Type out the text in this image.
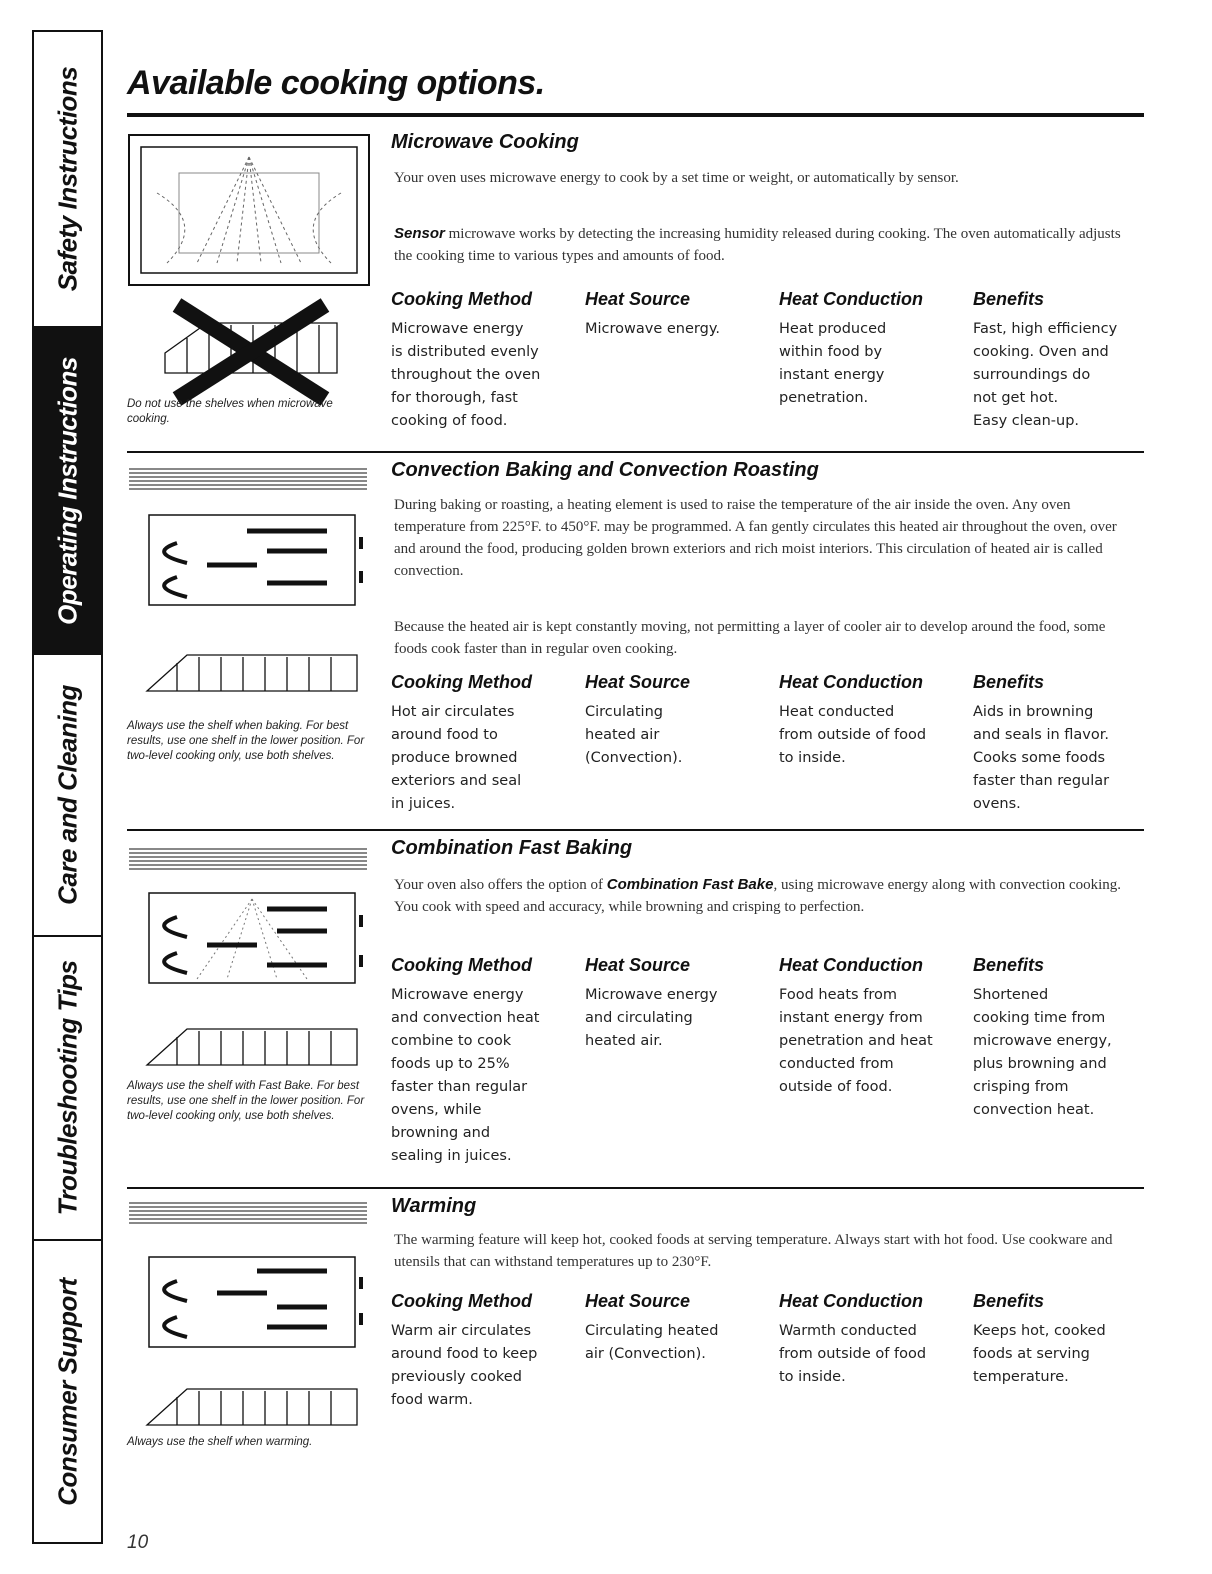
Safety Instructions
Operating Instructions
Care and Cleaning
Troubleshooting Tips
Consumer Support
Available cooking options.
Do not use the shelves when microwave cooking.
Microwave Cooking

Your oven uses microwave energy to cook by a set time or weight, or automatically by sensor.

Sensor microwave works by detecting the increasing humidity released during cooking. The oven automatically adjusts the cooking time to various types and amounts of food.

Cooking Method

Microwave energy
is distributed evenly
throughout the oven
for thorough, fast
cooking of food.

Heat Source

Microwave energy.

Heat Conduction

Heat produced
within food by
instant energy
penetration.

Benefits

Fast, high efficiency
cooking. Oven and
surroundings do
not get hot.
Easy clean-up.

Always use the shelf when baking. For best results, use one shelf in the lower position. For two-level cooking only, use both shelves.
Convection Baking and Convection Roasting

During baking or roasting, a heating element is used to raise the temperature of the air inside the oven. Any oven temperature from 225°F. to 450°F. may be programmed. A fan gently circulates this heated air throughout the oven, over and around the food, producing golden brown exteriors and rich moist interiors. This circulation of heated air is called convection.

Because the heated air is kept constantly moving, not permitting a layer of cooler air to develop around the food, some foods cook faster than in regular oven cooking.

Cooking Method

Hot air circulates
around food to
produce browned
exteriors and seal
in juices.

Heat Source

Circulating
heated air
(Convection).

Heat Conduction

Heat conducted
from outside of food
to inside.

Benefits

Aids in browning
and seals in flavor.
Cooks some foods
faster than regular
ovens.

Always use the shelf with Fast Bake. For best results, use one shelf in the lower position. For two-level cooking only, use both shelves.
Combination Fast Baking

Your oven also offers the option of Combination Fast Bake, using microwave energy along with convection cooking. You cook with speed and accuracy, while browning and crisping to perfection.

Cooking Method

Microwave energy
and convection heat
combine to cook
foods up to 25%
faster than regular
ovens, while
browning and
sealing in juices.

Heat Source

Microwave energy
and circulating
heated air.

Heat Conduction

Food heats from
instant energy from
penetration and heat
conducted from
outside of food.

Benefits

Shortened
cooking time from
microwave energy,
plus browning and
crisping from
convection heat.

Always use the shelf when warming.
Warming

The warming feature will keep hot, cooked foods at serving temperature. Always start with hot food. Use cookware and utensils that can withstand temperatures up to 230°F.

Cooking Method

Warm air circulates
around food to keep
previously cooked
food warm.

Heat Source

Circulating heated
air (Convection).

Heat Conduction

Warmth conducted
from outside of food
to inside.

Benefits

Keeps hot, cooked
foods at serving
temperature.

10
